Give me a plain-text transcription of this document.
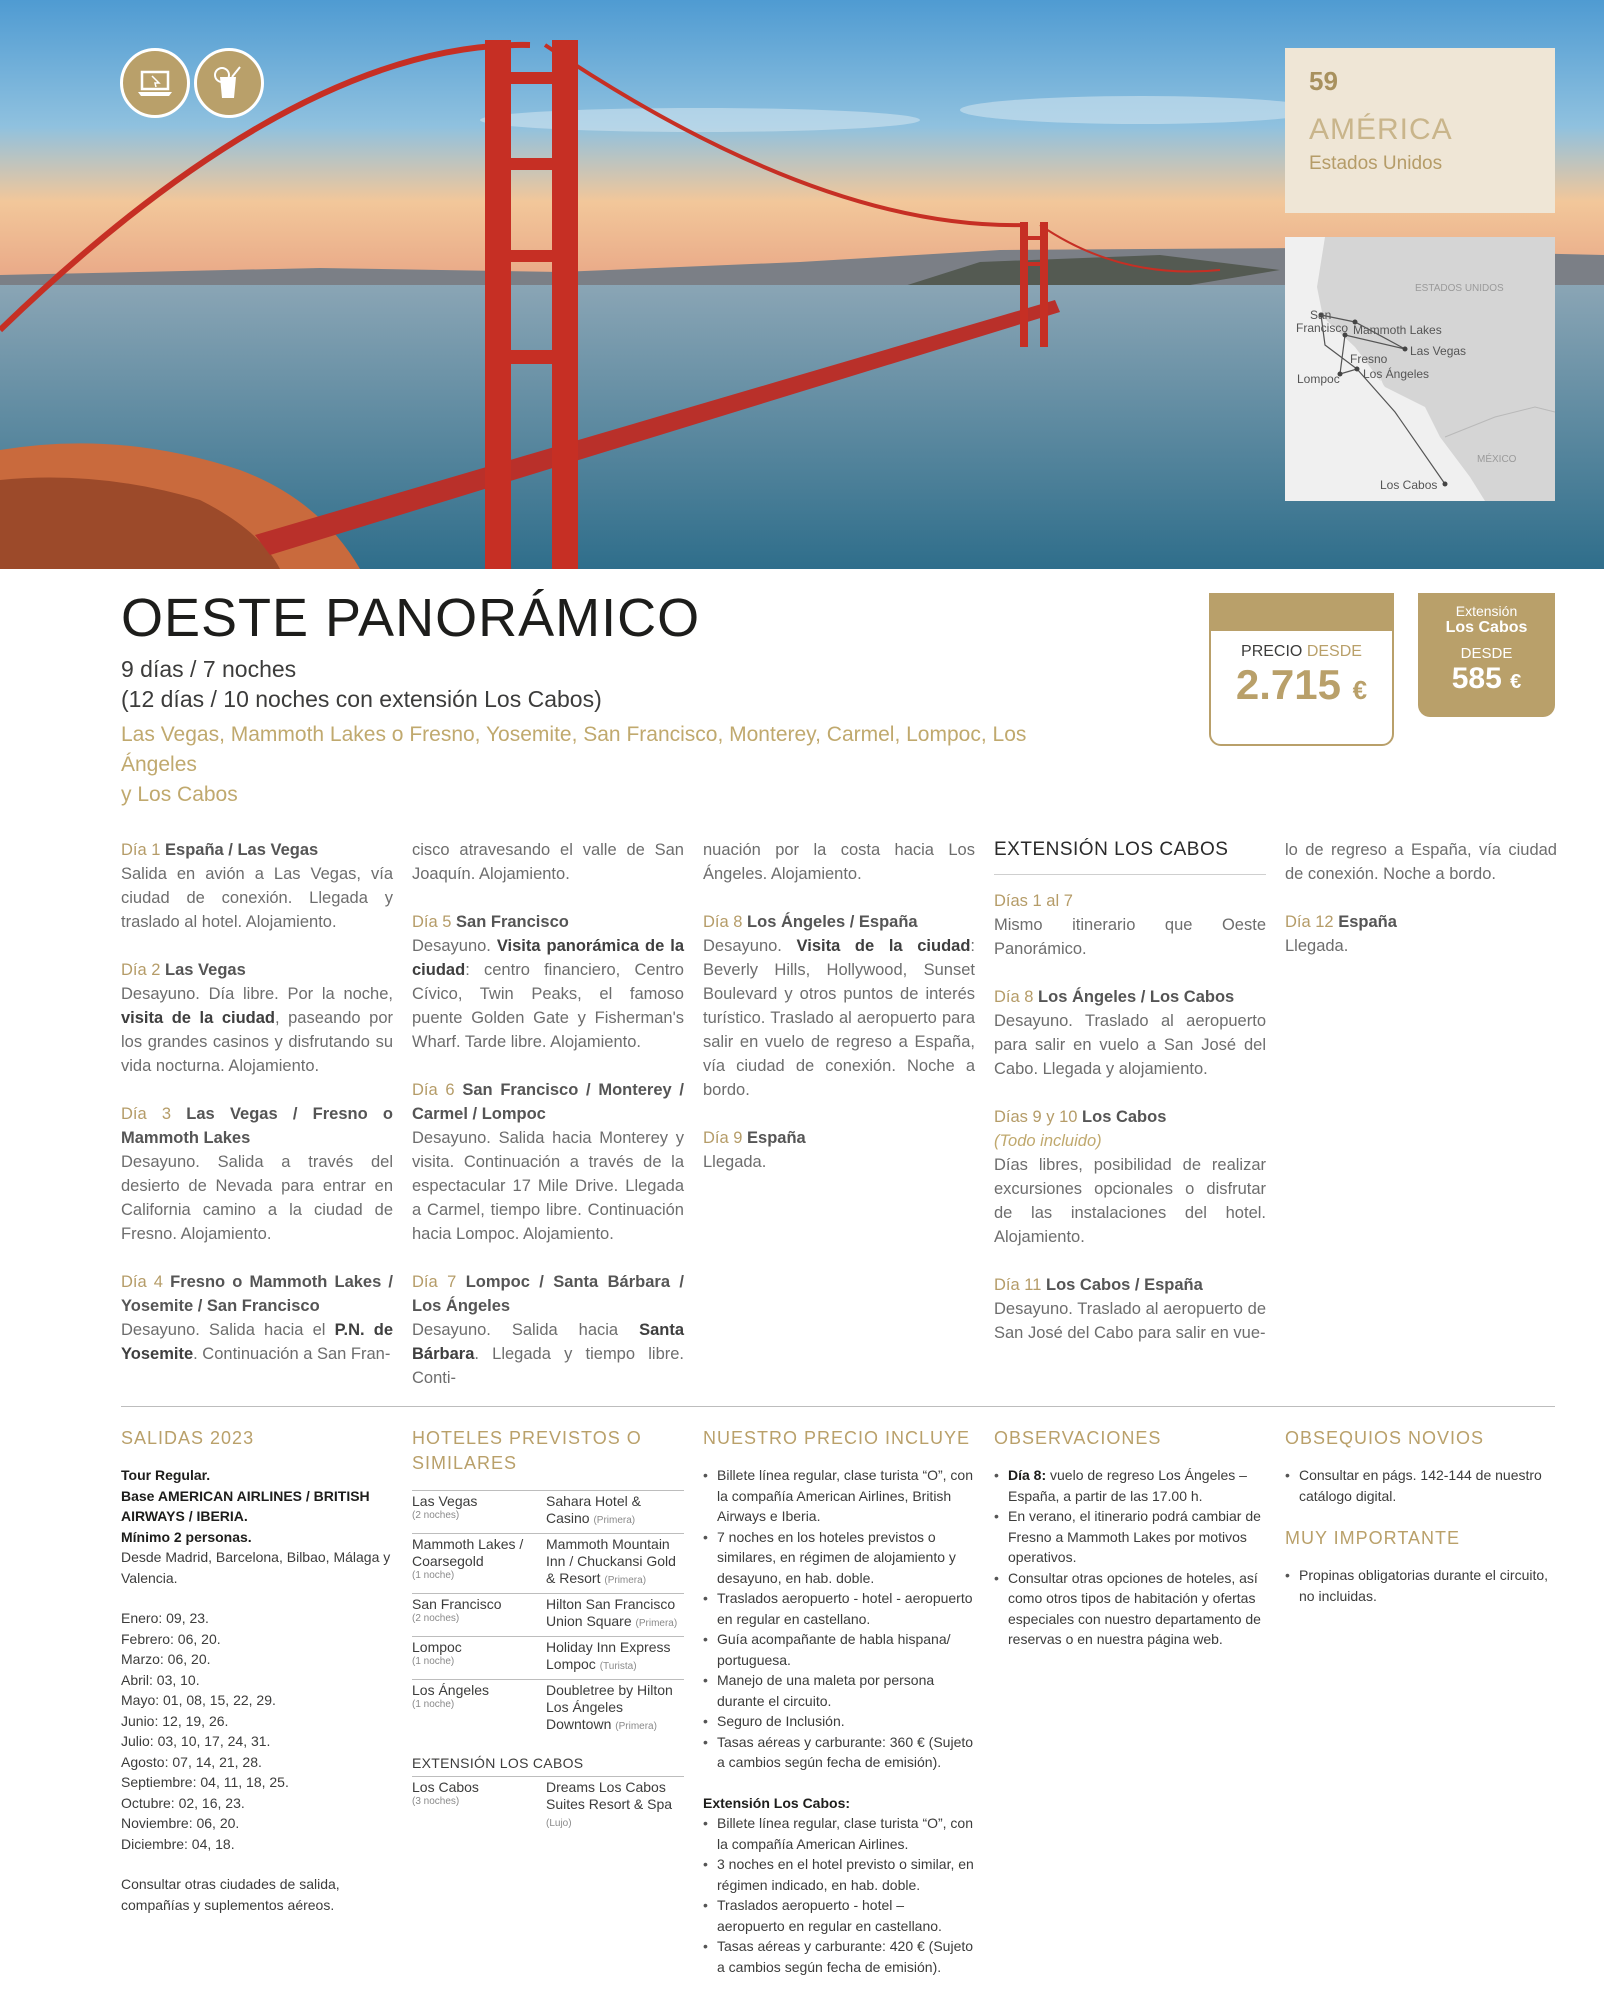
59
AMÉRICA
Estados Unidos
ESTADOS UNIDOS
MÉXICO
San
Francisco Mammoth Lakes
Las Vegas
Fresno
Los Ángeles
Lompoc
Los Cabos
OESTE PANORÁMICO
9 días / 7 noches
(12 días / 10 noches con extensión Los Cabos)
Las Vegas, Mammoth Lakes o Fresno, Yosemite, San Francisco, Monterey, Carmel, Lompoc, Los Ángeles
y Los Cabos
PRECIO DESDE
2.715 €
Extensión
Los Cabos
DESDE
585 €
Día 1 España / Las Vegas
Salida en avión a Las Vegas, vía ciudad de conexión. Llegada y traslado al hotel. Alojamiento.
Día 2 Las Vegas
Desayuno. Día libre. Por la noche, visita de la ciudad, paseando por los grandes casinos y disfrutando su vida nocturna. Alojamiento.
Día 3 Las Vegas / Fresno o Mammoth Lakes
Desayuno. Salida a través del desierto de Nevada para entrar en California camino a la ciudad de Fresno. Alojamiento.
Día 4 Fresno o Mammoth Lakes / Yosemite / San Francisco
Desayuno. Salida hacia el P.N. de Yosemite. Continuación a San Fran-
cisco atravesando el valle de San Joaquín. Alojamiento.
Día 5 San Francisco
Desayuno. Visita panorámica de la ciudad: centro financiero, Centro Cívico, Twin Peaks, el famoso puente Golden Gate y Fisherman's Wharf. Tarde libre. Alojamiento.
Día 6 San Francisco / Monterey / Carmel / Lompoc
Desayuno. Salida hacia Monterey y visita. Continuación a través de la espectacular 17 Mile Drive. Llegada a Carmel, tiempo libre. Continuación hacia Lompoc. Alojamiento.
Día 7 Lompoc / Santa Bárbara / Los Ángeles
Desayuno. Salida hacia Santa Bárbara. Llegada y tiempo libre. Conti-
nuación por la costa hacia Los Ángeles. Alojamiento.
Día 8 Los Ángeles / España
Desayuno. Visita de la ciudad: Beverly Hills, Hollywood, Sunset Boulevard y otros puntos de interés turístico. Traslado al aeropuerto para salir en vuelo de regreso a España, vía ciudad de conexión. Noche a bordo.
Día 9 España
Llegada.
EXTENSIÓN LOS CABOS
Días 1 al 7
Mismo itinerario que Oeste Panorámico.
Día 8 Los Ángeles / Los Cabos
Desayuno. Traslado al aeropuerto para salir en vuelo a San José del Cabo. Llegada y alojamiento.
Días 9 y 10 Los Cabos
(Todo incluido)
Días libres, posibilidad de realizar excursiones opcionales o disfrutar de las instalaciones del hotel. Alojamiento.
Día 11 Los Cabos / España
Desayuno. Traslado al aeropuerto de San José del Cabo para salir en vue-
lo de regreso a España, vía ciudad de conexión. Noche a bordo.
Día 12 España
Llegada.
SALIDAS 2023
Tour Regular.
Base AMERICAN AIRLINES / BRITISH AIRWAYS / IBERIA.
Mínimo 2 personas.
Desde Madrid, Barcelona, Bilbao, Málaga y Valencia.
Enero: 09, 23.
Febrero: 06, 20.
Marzo: 06, 20.
Abril: 03, 10.
Mayo: 01, 08, 15, 22, 29.
Junio: 12, 19, 26.
Julio: 03, 10, 17, 24, 31.
Agosto: 07, 14, 21, 28.
Septiembre: 04, 11, 18, 25.
Octubre: 02, 16, 23.
Noviembre: 06, 20.
Diciembre: 04, 18.
Consultar otras ciudades de salida, compañías y suplementos aéreos.
HOTELES PREVISTOS O SIMILARES
Las Vegas
(2 noches)	Sahara Hotel & Casino (Primera)
Mammoth Lakes / Coarsegold
(1 noche)	Mammoth Mountain Inn / Chuckansi Gold & Resort (Primera)
San Francisco
(2 noches)	Hilton San Francisco Union Square (Primera)
Lompoc
(1 noche)	Holiday Inn Express Lompoc (Turista)
Los Ángeles
(1 noche)	Doubletree by Hilton Los Ángeles Downtown (Primera)
EXTENSIÓN LOS CABOS
Los Cabos
(3 noches)
	Dreams Los Cabos Suites Resort & Spa (Lujo)
NUESTRO PRECIO INCLUYE
• Billete línea regular, clase turista “O”, con la compañía American Airlines, British Airways e Iberia.
• 7 noches en los hoteles previstos o similares, en régimen de alojamiento y desayuno, en hab. doble.
• Traslados aeropuerto - hotel - aeropuerto en regular en castellano.
• Guía acompañante de habla hispana/ portuguesa.
• Manejo de una maleta por persona durante el circuito.
• Seguro de Inclusión.
• Tasas aéreas y carburante: 360 € (Sujeto a cambios según fecha de emisión).
Extensión Los Cabos:
• Billete línea regular, clase turista “O”, con la compañía American Airlines.
• 3 noches en el hotel previsto o similar, en régimen indicado, en hab. doble.
• Traslados aeropuerto - hotel – aeropuerto en regular en castellano.
• Tasas aéreas y carburante: 420 € (Sujeto a cambios según fecha de emisión).
OBSERVACIONES
• Día 8: vuelo de regreso Los Ángeles – España, a partir de las 17.00 h.
• En verano, el itinerario podrá cambiar de Fresno a Mammoth Lakes por motivos operativos.
• Consultar otras opciones de hoteles, así como otros tipos de habitación y ofertas especiales con nuestro departamento de reservas o en nuestra página web.
OBSEQUIOS NOVIOS
• Consultar en págs. 142-144 de nuestro catálogo digital.
MUY IMPORTANTE
• Propinas obligatorias durante el circuito, no incluidas.
